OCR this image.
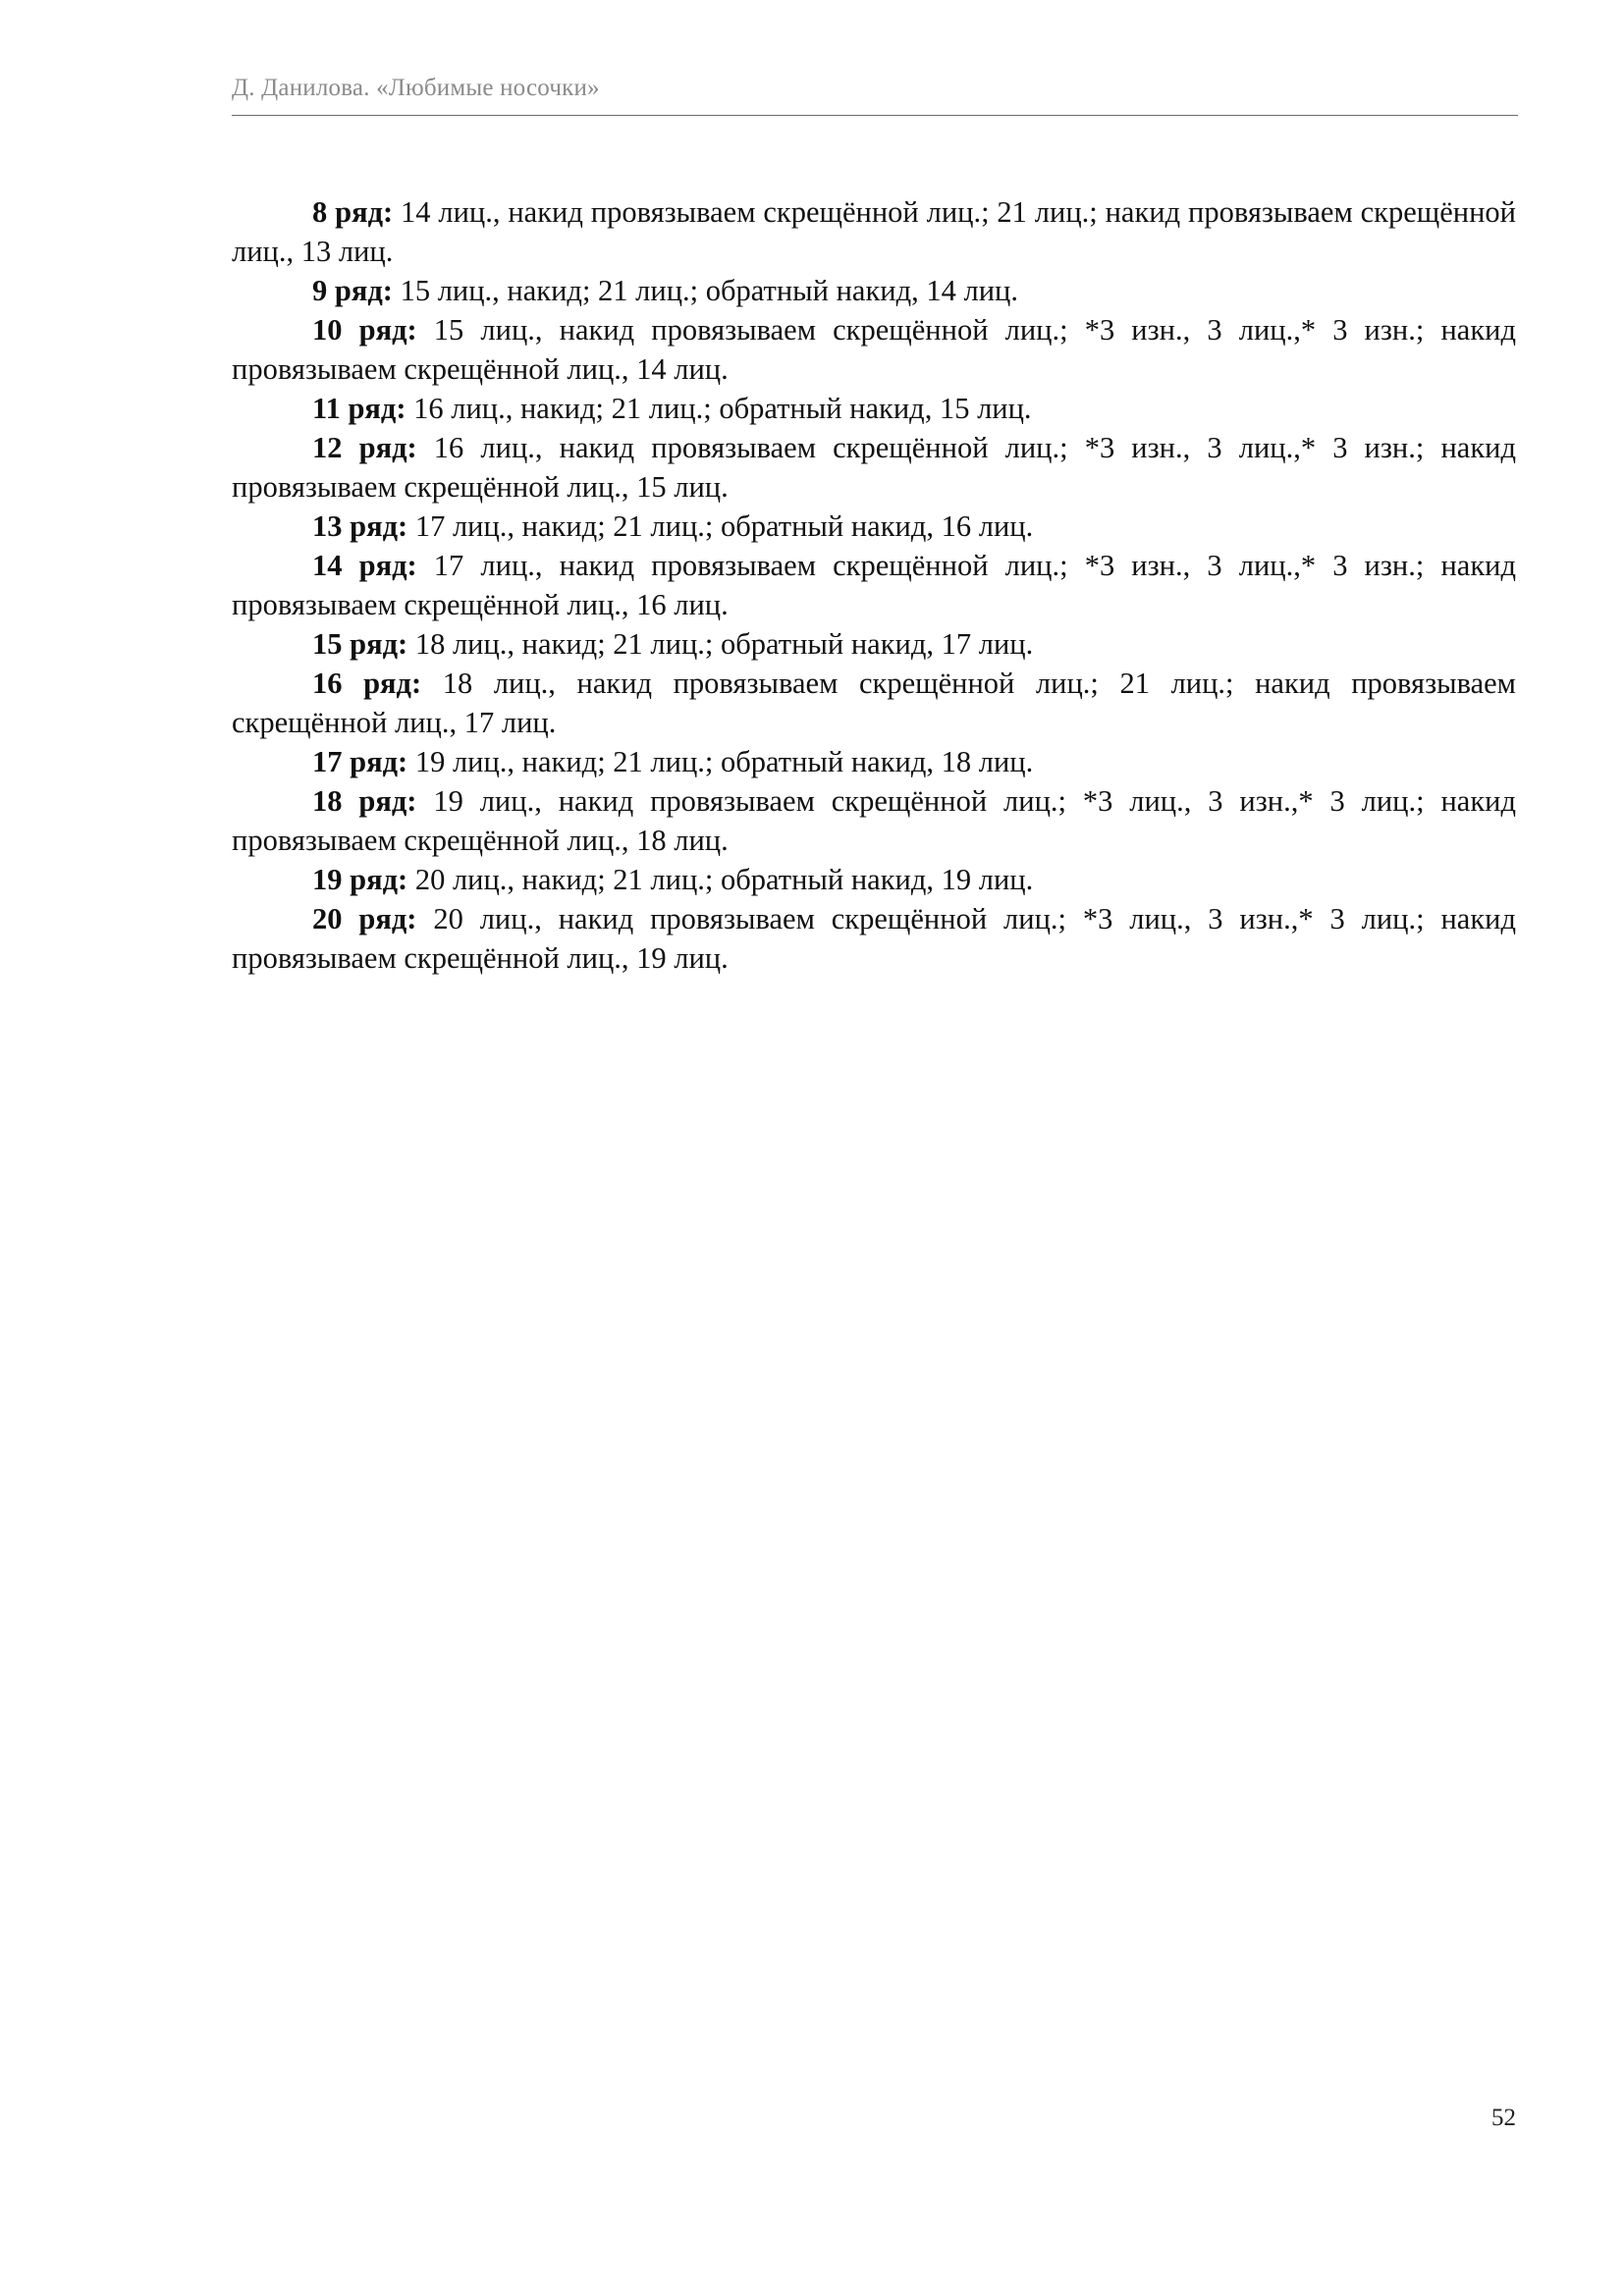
Д. Данилова. «Любимые носочки»

8 ряд: 14 лиц., накид провязываем скрещённой лиц.; 21 лиц.; накид провязываем скрещённой лиц., 13 лиц.

9 ряд: 15 лиц., накид; 21 лиц.; обратный накид, 14 лиц.

10 ряд: 15 лиц., накид провязываем скрещённой лиц.; *3 изн., 3 лиц.,* 3 изн.; накид провязываем скрещённой лиц., 14 лиц.

11 ряд: 16 лиц., накид; 21 лиц.; обратный накид, 15 лиц.

12 ряд: 16 лиц., накид провязываем скрещённой лиц.; *3 изн., 3 лиц.,* 3 изн.; накид провязываем скрещённой лиц., 15 лиц.

13 ряд: 17 лиц., накид; 21 лиц.; обратный накид, 16 лиц.

14 ряд: 17 лиц., накид провязываем скрещённой лиц.; *3 изн., 3 лиц.,* 3 изн.; накид провязываем скрещённой лиц., 16 лиц.

15 ряд: 18 лиц., накид; 21 лиц.; обратный накид, 17 лиц.

16 ряд: 18 лиц., накид провязываем скрещённой лиц.; 21 лиц.; накид провязываем скрещённой лиц., 17 лиц.

17 ряд: 19 лиц., накид; 21 лиц.; обратный накид, 18 лиц.

18 ряд: 19 лиц., накид провязываем скрещённой лиц.; *3 лиц., 3 изн.,* 3 лиц.; накид провязываем скрещённой лиц., 18 лиц.

19 ряд: 20 лиц., накид; 21 лиц.; обратный накид, 19 лиц.

20 ряд: 20 лиц., накид провязываем скрещённой лиц.; *3 лиц., 3 изн.,* 3 лиц.; накид провязываем скрещённой лиц., 19 лиц.

52
